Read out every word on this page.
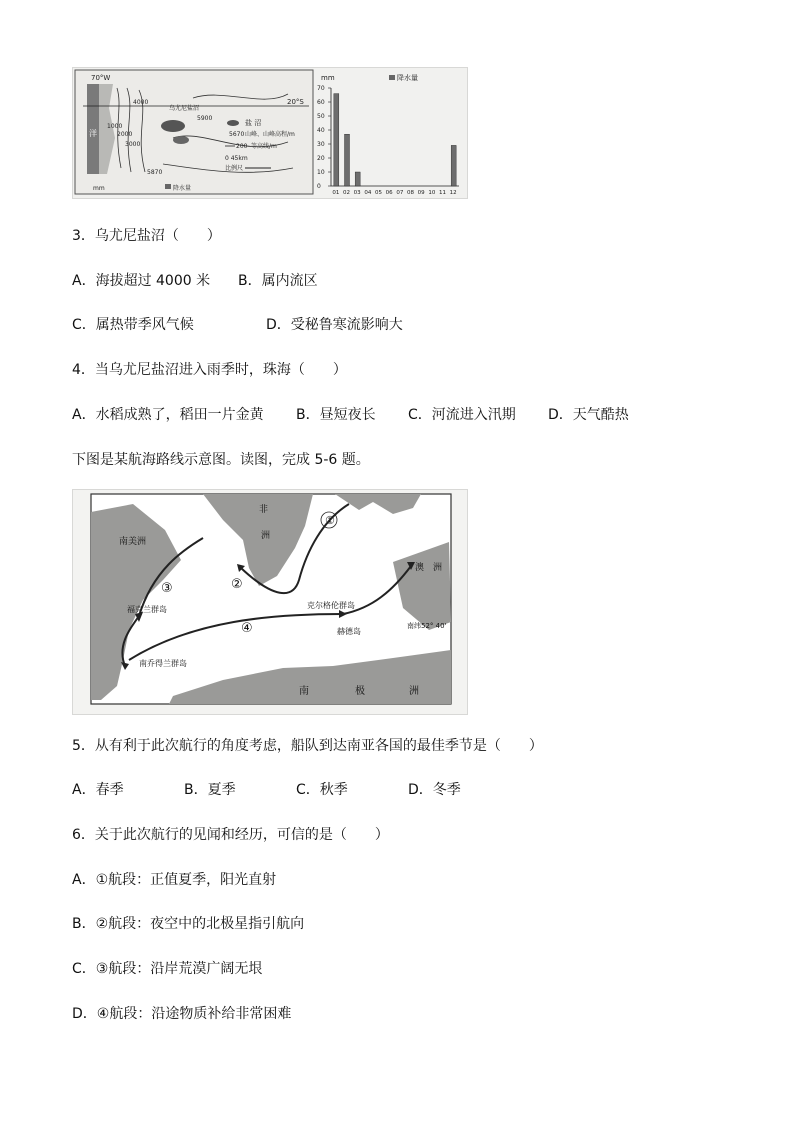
洋
70°W
20°S
乌尤尼盐沼
4000
1000
2000
3000
5870
5900
盐 沼
5670 山峰、山峰高程/m
200 等高线/m
0 45km
比例尺
mm	降水量
mm	降水量
0
10
20
30
40
50
60
70
01 02 03 04 05 06 07 08 09 10 11 12
3．乌尤尼盐沼（　　）
A．海拔超过 4000 米 B．属内流区
C．属热带季风气候	D．受秘鲁寒流影响大
4．当乌尤尼盐沼进入雨季时，珠海（　　）
A．水稻成熟了，稻田一片金黄 B．昼短夜长 C．河流进入汛期 D．天气酷热
下图是某航海路线示意图。读图，完成 5-6 题。
南美洲
非
洲
澳　洲
福克兰群岛
南乔得兰群岛
克尔格伦群岛
赫德岛
南纬52° 40'
南	极	洲
①
②
③
④
5．从有利于此次航行的角度考虑，船队到达南亚各国的最佳季节是（　　）
A．春季	B．夏季	C．秋季	D．冬季
6．关于此次航行的见闻和经历，可信的是（　　）
A．①航段：正值夏季，阳光直射
B．②航段：夜空中的北极星指引航向
C．③航段：沿岸荒漠广阔无垠
D．④航段：沿途物质补给非常困难
